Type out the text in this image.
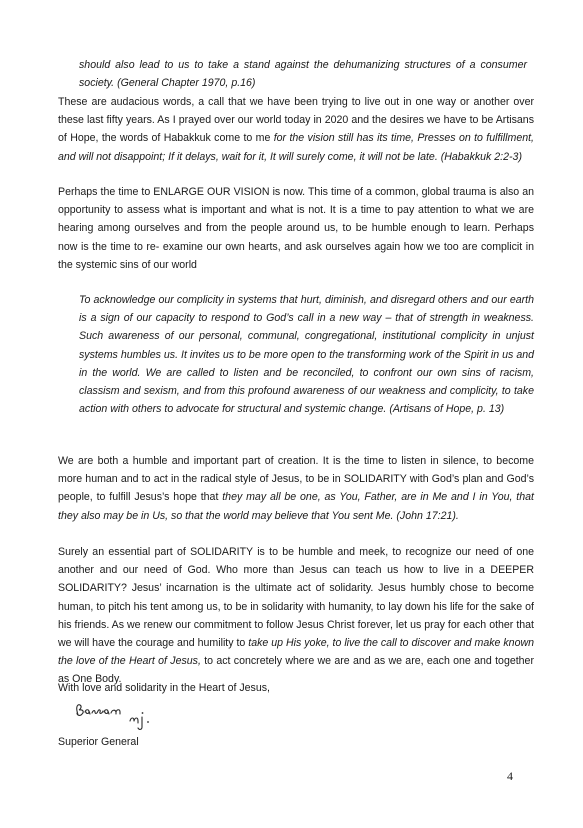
should also lead to us to take a stand against the dehumanizing structures of a consumer society. (General Chapter 1970, p.16)

These are audacious words, a call that we have been trying to live out in one way or another over these last fifty years. As I prayed over our world today in 2020 and the desires we have to be Artisans of Hope, the words of Habakkuk come to me for the vision still has its time, Presses on to fulfillment, and will not disappoint; If it delays, wait for it, It will surely come, it will not be late. (Habakkuk 2:2-3)

Perhaps the time to ENLARGE OUR VISION is now. This time of a common, global trauma is also an opportunity to assess what is important and what is not. It is a time to pay attention to what we are hearing among ourselves and from the people around us, to be humble enough to learn. Perhaps now is the time to re- examine our own hearts, and ask ourselves again how we too are complicit in the systemic sins of our world

To acknowledge our complicity in systems that hurt, diminish, and disregard others and our earth is a sign of our capacity to respond to God’s call in a new way – that of strength in weakness. Such awareness of our personal, communal, congregational, institutional complicity in unjust systems humbles us. It invites us to be more open to the transforming work of the Spirit in us and in the world. We are called to listen and be reconciled, to confront our own sins of racism, classism and sexism, and from this profound awareness of our weakness and complicity, to take action with others to advocate for structural and systemic change. (Artisans of Hope, p. 13)

We are both a humble and important part of creation. It is the time to listen in silence, to become more human and to act in the radical style of Jesus, to be in SOLIDARITY with God’s plan and God’s people, to fulfill Jesus’s hope that they may all be one, as You, Father, are in Me and I in You, that they also may be in Us, so that the world may believe that You sent Me. (John 17:21).

Surely an essential part of SOLIDARITY is to be humble and meek, to recognize our need of one another and our need of God. Who more than Jesus can teach us how to live in a DEEPER SOLIDARITY? Jesus’ incarnation is the ultimate act of solidarity. Jesus humbly chose to become human, to pitch his tent among us, to be in solidarity with humanity, to lay down his life for the sake of his friends. As we renew our commitment to follow Jesus Christ forever, let us pray for each other that we will have the courage and humility to take up His yoke, to live the call to discover and make known the love of the Heart of Jesus, to act concretely where we are and as we are, each one and together as One Body.

With love and solidarity in the Heart of Jesus,

Superior General

4
